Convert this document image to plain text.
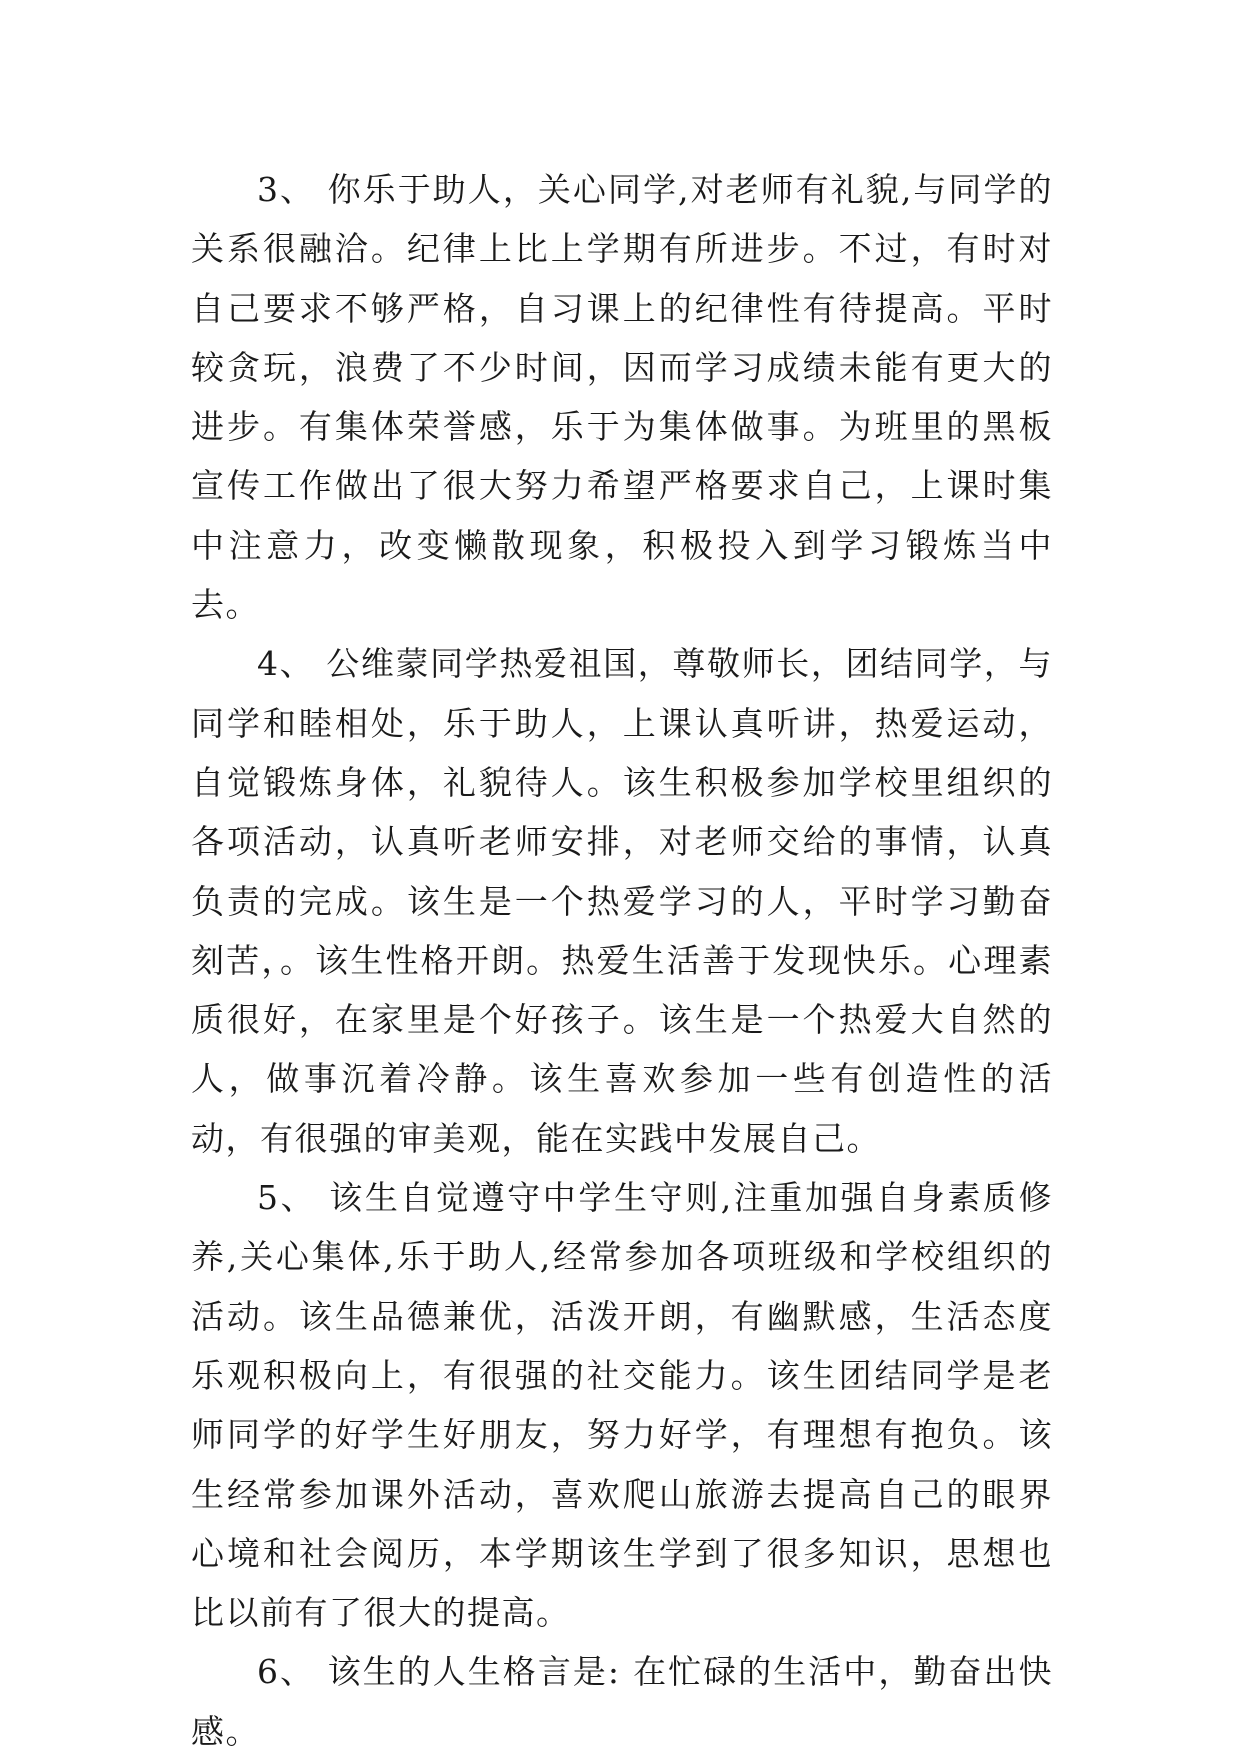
3、 你乐于助人，关心同学,对老师有礼貌,与同学的关系很融洽。纪律上比上学期有所进步。不过，有时对自己要求不够严格，自习课上的纪律性有待提高。平时较贪玩，浪费了不少时间，因而学习成绩未能有更大的进步。有集体荣誉感，乐于为集体做事。为班里的黑板宣传工作做出了很大努力希望严格要求自己，上课时集中注意力，改变懒散现象，积极投入到学习锻炼当中去。

4、 公维蒙同学热爱祖国，尊敬师长，团结同学，与同学和睦相处，乐于助人，上课认真听讲，热爱运动，自觉锻炼身体，礼貌待人。该生积极参加学校里组织的各项活动，认真听老师安排，对老师交给的事情，认真负责的完成。该生是一个热爱学习的人，平时学习勤奋刻苦，。该生性格开朗。热爱生活善于发现快乐。心理素质很好，在家里是个好孩子。该生是一个热爱大自然的人，做事沉着冷静。该生喜欢参加一些有创造性的活动，有很强的审美观，能在实践中发展自己。

5、 该生自觉遵守中学生守则,注重加强自身素质修养,关心集体,乐于助人,经常参加各项班级和学校组织的活动。该生品德兼优，活泼开朗，有幽默感，生活态度乐观积极向上，有很强的社交能力。该生团结同学是老师同学的好学生好朋友，努力好学，有理想有抱负。该生经常参加课外活动，喜欢爬山旅游去提高自己的眼界心境和社会阅历，本学期该生学到了很多知识，思想也比以前有了很大的提高。

6、 该生的人生格言是: 在忙碌的生活中，勤奋出快感。
